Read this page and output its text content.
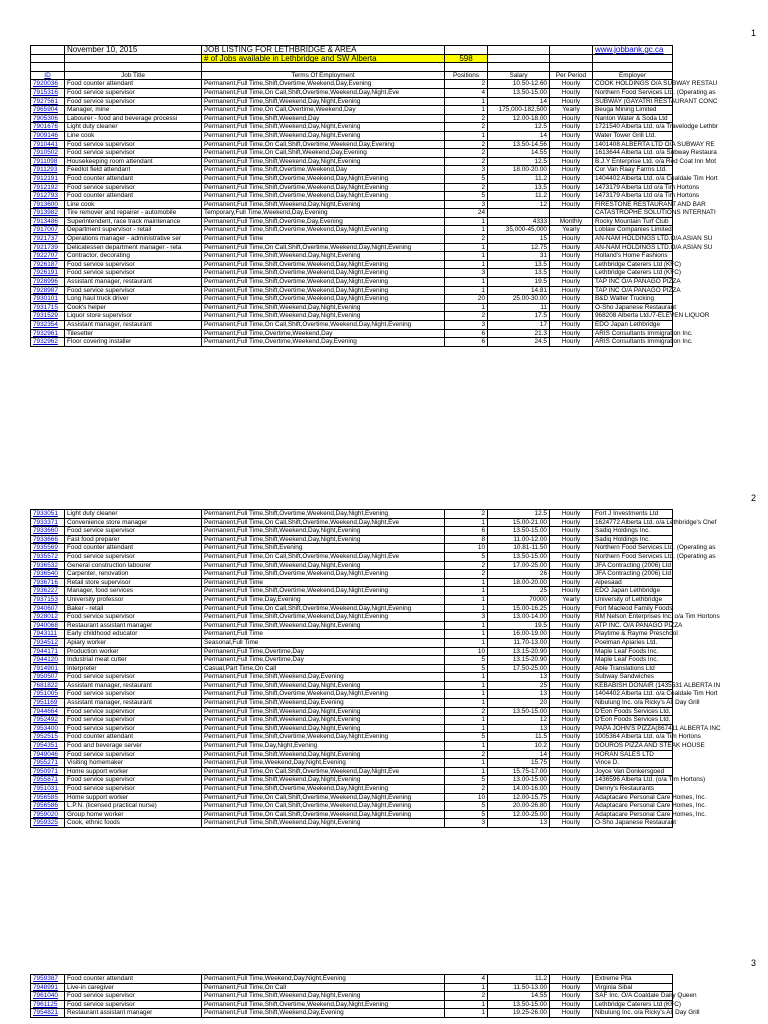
1
2
3
	November 10, 2015	JOB LISTING FOR LETHBRIDGE & AREA				www.jobbank.gc.ca
		# of Jobs available in Lethbridge and SW Alberta	598			

ID	Job Title	Terms Of Employment	Positions	Salary	Per Period	Employer
7920036	Food counter attendant	Permanent,Full Time,Shift,Overtime,Weekend,Day,Evening	2	10.50-12.60	Hourly	COOK HOLDINGS O/A SUBWAY RESTAU
7915316	Food service supervisor	Permanent,Full Time,On Call,Shift,Overtime,Weekend,Day,Night,Eve	4	13.50-15.00	Hourly	Northern Food Services Ltd. (Operating as
7927561	Food service supervisor	Permanent,Full Time,Shift,Weekend,Day,Night,Evening	1	14	Hourly	SUBWAY (GAYATRI RESTAURANT CONC
7965904	Manager, mine	Permanent,Full Time,On Call,Overtime,Weekend,Day	1	175,000-182,500	Yearly	Beuga Mining Limited
7905306	Labourer - food and beverage processi	Permanent,Full Time,Shift,Weekend,Day	2	12.00-18.00	Hourly	Nanton Water & Soda Ltd
7901676	Light duty cleaner	Permanent,Full Time,Shift,Weekend,Day,Night,Evening	2	12.5	Hourly	1721540 Alberta Ltd. o/a Travelodge Lethbr
7909146	Line cook	Permanent,Full Time,Shift,Weekend,Day,Night,Evening	1	14	Hourly	Water Tower Grill Ltd.
7910441	Food service supervisor	Permanent,Full Time,On Call,Shift,Overtime,Weekend,Day,Evening	2	13.50-14.56	Hourly	1401408 ALBERTA LTD O/A SUBWAY RE
7910502	Food service supervisor	Permanent,Full Time,On Call,Shift,Weekend,Day,Evening	2	14.55	Hourly	1613644 Alberta Ltd. o/a Subway Restaura
7911098	Housekeeping room attendant	Permanent,Full Time,Shift,Weekend,Day,Night,Evening	2	12.5	Hourly	B.J.Y Enterprise Ltd. o/a Red Coat Inn Mot
7911293	Feedlot field attendant	Permanent,Full Time,Shift,Overtime,Weekend,Day	3	18.00-20.00	Hourly	Cor Van Raay Farms Ltd.
7912191	Food counter attendant	Permanent,Full Time,Shift,Overtime,Weekend,Day,Night,Evening	5	11.2	Hourly	1404402 Alberta Ltd. o/a Coaldale Tim Hort
7912192	Food service supervisor	Permanent,Full Time,Shift,Overtime,Weekend,Day,Night,Evening	2	13.5	Hourly	1473179 Alberta Ltd o/a Tim Hortons
7912793	Food counter attendant	Permanent,Full Time,Shift,Overtime,Weekend,Day,Night,Evening	5	11.2	Hourly	1473179 Alberta Ltd o/a Tim Hortons
7913600	Line cook	Permanent,Full Time,Shift,Weekend,Day,Night,Evening	3	12	Hourly	FIRESTONE RESTAURANT AND BAR
7913982	Tire remover and repairer - automobile	Temporary,Full Time,Weekend,Day,Evening	24			CATASTROPHE SOLUTIONS INTERNATI
7913486	Superintendent, race track maintenance	Permanent,Full Time,Shift,Overtime,Day,Evening	1	4333	Monthly	Rocky Mountain Turf Club
7917007	Department supervisor - retail	Permanent,Full Time,Shift,Overtime,Weekend,Day,Night,Evening	1	35,000-45,000	Yearly	Loblaw Companies Limited
7921737	Operations manager - administrative ser	Permanent,Full Time	2	15	Hourly	AN-NAM HOLDINGS LTD.O/A ASIAN SU
7921739	Delicatessen department manager - reta	Permanent,Full Time,On Call,Shift,Overtime,Weekend,Day,Night,Evening	1	12.75	Hourly	AN-NAM HOLDINGS LTD.O/A ASIAN SU
7922707	Contractor, decorating	Permanent,Full Time,Shift,Weekend,Day,Night,Evening	1	31	Hourly	Holland's Home Fashions
7926187	Food service supervisor	Permanent,Full Time,Shift,Overtime,Weekend,Day,Night,Evening	1	13.5	Hourly	Lethbridge Caterers Ltd (KFC)
7926191	Food service supervisor	Permanent,Full Time,Shift,Overtime,Weekend,Day,Night,Evening	3	13.5	Hourly	Lethbridge Caterers Ltd (KFC)
7928996	Assistant manager, restaurant	Permanent,Full Time,Shift,Overtime,Weekend,Day,Night,Evening	1	19.5	Hourly	TAP INC O/A PANAGO PIZZA
7928987	Food service supervisor	Permanent,Full Time,Shift,Overtime,Weekend,Day,Night,Evening	1	14.81	Hourly	TAP INC O/A PANAGO PIZZA
7930101	Long haul truck driver	Permanent,Full Time,Shift,Overtime,Weekend,Day,Night,Evening	20	25.00-30.00	Hourly	B&D Walter Trucking
7931715	Cook's helper	Permanent,Full Time,Shift,Weekend,Day,Night,Evening	1	11	Hourly	O-Sho Japanese Restaurant
7931529	Liquor store supervisor	Permanent,Full Time,Shift,Weekend,Day,Night,Evening	2	17.5	Hourly	968208 Alberta Ltd./7-ELEVEN LIQUOR
7932354	Assistant manager, restaurant	Permanent,Full Time,On Call,Shift,Overtime,Weekend,Day,Night,Evening	3	17	Hourly	EDO Japan Lethbridge
7932961	Tilesetter	Permanent,Full Time,Overtime,Weekend,Day	6	21.3	Hourly	ARIS Consultants Immigration Inc.
7932962	Floor covering installer	Permanent,Full Time,Overtime,Weekend,Day,Evening	6	24.5	Hourly	ARIS Consultants Immigration Inc.
7933051	Light duty cleaner	Permanent,Full Time,Shift,Overtime,Weekend,Day,Night,Evening	2	12.5	Hourly	Fort J Investments Ltd
7933371	Convenience store manager	Permanent,Full Time,On Call,Shift,Overtime,Weekend,Day,Night,Eve	1	15.00-21.00	Hourly	1624772 Alberta Ltd. o/a Lethbridge's Chef
7933660	Food service supervisor	Permanent,Full Time,Shift,Weekend,Day,Night,Evening	6	13.50-15.00	Hourly	Sadiq Holdings Inc.
7933666	Fast food preparer	Permanent,Full Time,Shift,Weekend,Day,Night,Evening	8	11.00-12.00	Hourly	Sadiq Holdings Inc.
7935569	Food counter attendant	Permanent,Full Time,Shift,Evening	10	10.81-11.50	Hourly	Northern Food Services Ltd. (Operating as
7935572	Food service supervisor	Permanent,Full Time,On Call,Shift,Overtime,Weekend,Day,Night,Eve	5	13.50-15.00	Hourly	Northern Food Services Ltd. (Operating as
7936532	General construction labourer	Permanent,Full Time,Shift,Weekend,Day,Night,Evening	2	17.00-25.00	Hourly	JFA Contracting (2006) Ltd
7936540	Carpenter, renovation	Permanent,Full Time,Shift,Overtime,Weekend,Day,Night,Evening	2	26	Hourly	JFA Contracting (2006) Ltd
7936716	Retail store supervisor	Permanent,Full Time	1	18.00-20.00	Hourly	Alpesaad
7936227	Manager, food services	Permanent,Full Time,Shift,Overtime,Weekend,Day,Night,Evening	1	25	Hourly	EDO Japan Lethbridge
7937153	University professor	Permanent,Full Time,Day,Evening	1	70000	Yearly	University of Lethbridge
7940607	Baker - retail	Permanent,Full Time,On Call,Shift,Overtime,Weekend,Day,Night,Evening	1	15.00-16.25	Hourly	Fort Macleod Family Foods
7928012	Food service supervisor	Permanent,Full Time,Shift,Overtime,Weekend,Day,Night,Evening	3	13.00-14.00	Hourly	RM Nelson Enterprises Inc. o/a Tim Hortons
7940068	Restaurant assistant manager	Permanent,Full Time,Shift,Weekend,Day,Night,Evening	1	19.5	Hourly	ATP INC. O/A PANAGO PIZZA
7943111	Early childhood educator	Permanent,Full Time	1	16.00-19.00	Hourly	Playtime & Rayme Preschool
7934512	Apiary worker	Seasonal,Full Time	1	11.70-13.00	Hourly	Poelman Apiaries Ltd.
7944171	Production worker	Permanent,Full Time,Overtime,Day	10	13.15-20.90	Hourly	Maple Leaf Foods Inc.
7944120	Industrial meat cutter	Permanent,Full Time,Overtime,Day	5	13.15-20.90	Hourly	Maple Leaf Foods Inc.
7914901	Interpreter	Casual,Part Time,On Call	5	17.50-25.00	Hourly	Able Translations Ltd
7950507	Food service supervisor	Permanent,Full Time,Shift,Weekend,Day,Evening	1	13	Hourly	Subway Sandwiches
7681822	Assistant manager, restaurant	Permanent,Full Time,Shift,Weekend,Day,Night,Evening	1	25	Hourly	KEBABISH DONAIR (1435531 ALBERTA IN
7951005	Food service supervisor	Permanent,Full Time,Shift,Overtime,Weekend,Day,Night,Evening	1	13	Hourly	1404402 Alberta Ltd. o/a Coaldale Tim Hort
7951169	Assistant manager, restaurant	Permanent,Full Time,Shift,Weekend,Day,Evening	1	20	Hourly	Nibulung Inc. o/a Ricky's All Day Grill
7944664	Food service supervisor	Permanent,Full Time,Shift,Weekend,Day,Night,Evening	2	13.50-15.00	Hourly	D'Eon Foods Services Ltd.
7952492	Food service supervisor	Permanent,Full Time,Shift,Weekend,Day,Night,Evening	1	12	Hourly	D'Eon Foods Services Ltd.
7953400	Food service supervisor	Permanent,Full Time,Shift,Weekend,Day,Night,Evening	1	13	Hourly	PAPA JOHN'S PIZZA(867411 ALBERTA INC
7952515	Food counter attendant	Permanent,Full Time,Shift,Overtime,Weekend,Day,Night,Evening	5	11.5	Hourly	1005364 Alberta Ltd. o/a Tim Hortons
7954351	Food and beverage server	Permanent,Full Time,Day,Night,Evening	1	10.2	Hourly	DOUROS PIZZA AND STEAK HOUSE
7949046	Food service supervisor	Permanent,Full Time,Shift,Weekend,Day,Night,Evening	2	14	Hourly	HORAN SALES LTD
7955271	Visiting homemaker	Permanent,Full Time,Weekend,Day,Night,Evening	1	15.75	Hourly	Vince D.
7950971	Home support worker	Permanent,Full Time,On Call,Shift,Overtime,Weekend,Day,Night,Eve	1	15.75-17.00	Hourly	Joyce Van Donkersgoed
7955871	Food service supervisor	Permanent,Full Time,Shift,Weekend,Day,Night,Evening	5	13.00-15.00	Hourly	1436596 Alberta Ltd. (o/a Tim Hortons)
7951031	Food service supervisor	Permanent,Full Time,Shift,Overtime,Weekend,Day,Night,Evening	2	14.00-16.00	Hourly	Denny's Restaurants
7956585	Home support worker	Permanent,Full Time,On Call,Shift,Overtime,Weekend,Day,Night,Evening	10	12.00-15.75	Hourly	Adaptacare Personal Care Homes, Inc.
7956586	L.P.N. (licensed practical nurse)	Permanent,Full Time,On Call,Shift,Overtime,Weekend,Day,Night,Evening	5	20.00-26.80	Hourly	Adaptacare Personal Care Homes, Inc.
7959020	Group home worker	Permanent,Full Time,On Call,Shift,Overtime,Weekend,Day,Night,Evening	5	12.00-25.00	Hourly	Adaptacare Personal Care Homes, Inc.
7959325	Cook, ethnic foods	Permanent,Full Time,Shift,Weekend,Day,Night,Evening	3	13	Hourly	O-Sho Japanese Restaurant
7959387	Food counter attendant	Permanent,Full Time,Weekend,Day,Night,Evening	4	11.2	Hourly	Extreme Pita
7948991	Live-in caregiver	Permanent,Full Time,On Call	1	11.50-13.00	Hourly	Virginia Sibal
7961040	Food service supervisor	Permanent,Full Time,Shift,Weekend,Day,Night,Evening	2	14.55	Hourly	SAF Inc. O/A Coaldale Dairy Queen
7961125	Food service supervisor	Permanent,Full Time,Shift,Overtime,Weekend,Day,Night,Evening	1	13.50-15.00	Hourly	Lethbridge Caterers Ltd (KFC)
7954821	Restaurant assistant manager	Permanent,Full Time,Shift,Weekend,Day,Evening	1	19.25-26.00	Hourly	Nibulung Inc. o/a Ricky's All Day Grill
